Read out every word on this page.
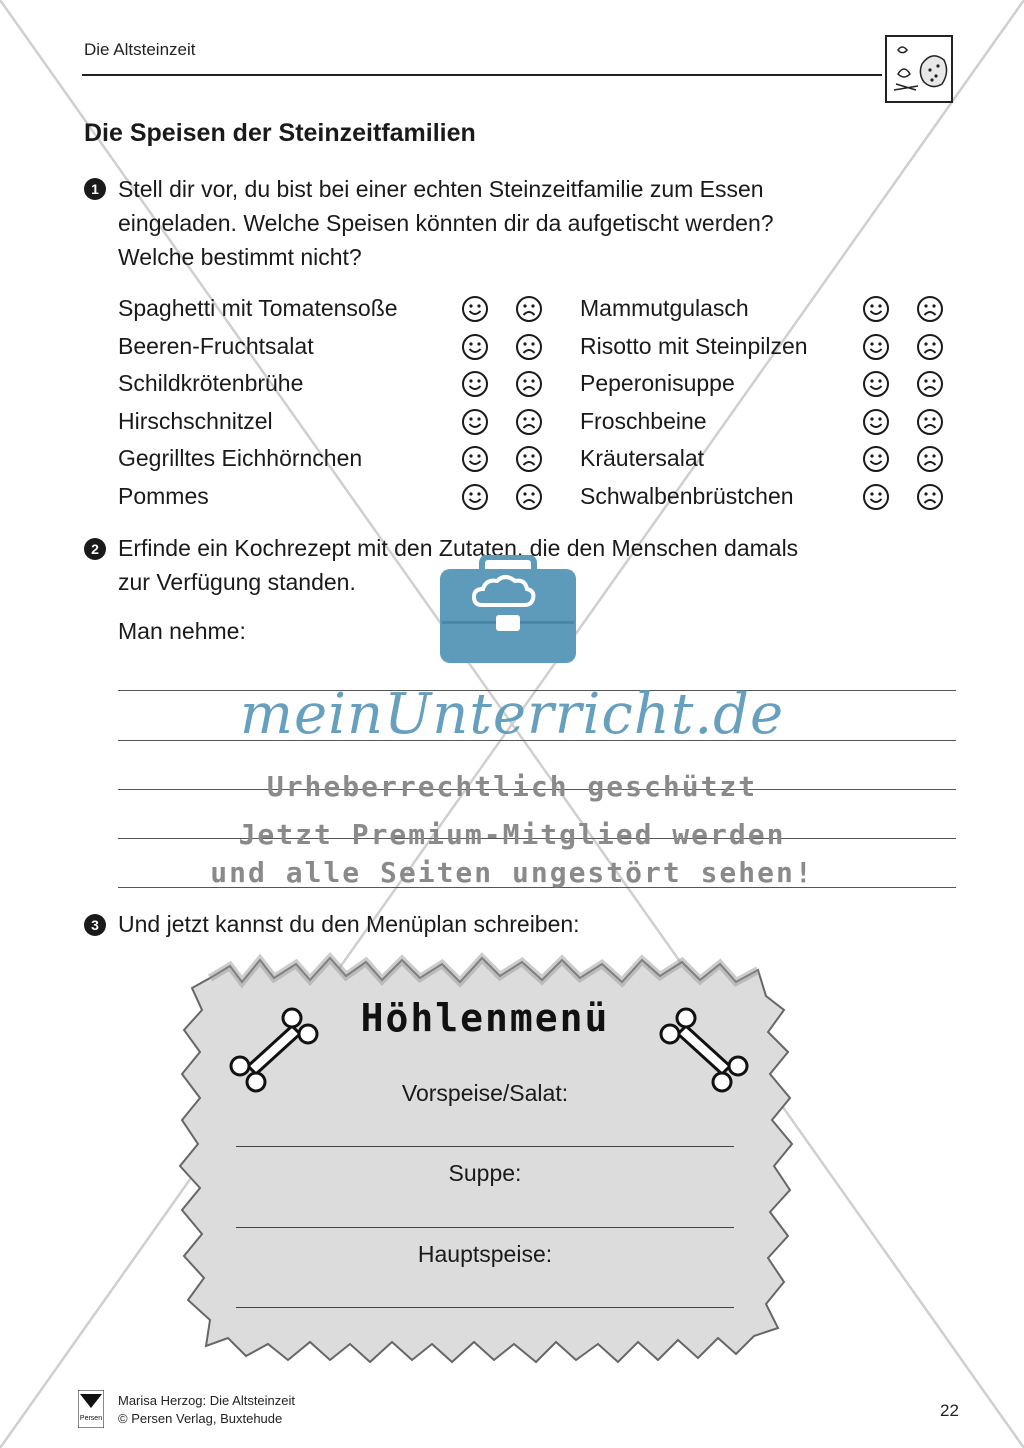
Die Altsteinzeit
Die Speisen der Steinzeitfamilien
1 Stell dir vor, du bist bei einer echten Steinzeitfamilie zum Essen
eingeladen. Welche Speisen könnten dir da aufgetischt werden?
Welche bestimmt nicht?
Spaghetti mit Tomatensoße
Beeren-Fruchtsalat
Schildkrötenbrühe
Hirschschnitzel
Gegrilltes Eichhörnchen
Pommes
Mammutgulasch
Risotto mit Steinpilzen
Peperonisuppe
Froschbeine
Kräutersalat
Schwalbenbrüstchen
2 Erfinde ein Kochrezept mit den Zutaten, die den Menschen damals
zur Verfügung standen.
Man nehme:
meinUnterricht.de
Urheberrechtlich geschützt
Jetzt Premium-Mitglied werden
und alle Seiten ungestört sehen!
3 Und jetzt kannst du den Menüplan schreiben:
Höhlenmenü
Vorspeise/Salat:
Suppe:
Hauptspeise:
Persen
Marisa Herzog: Die Altsteinzeit
© Persen Verlag, Buxtehude	22
